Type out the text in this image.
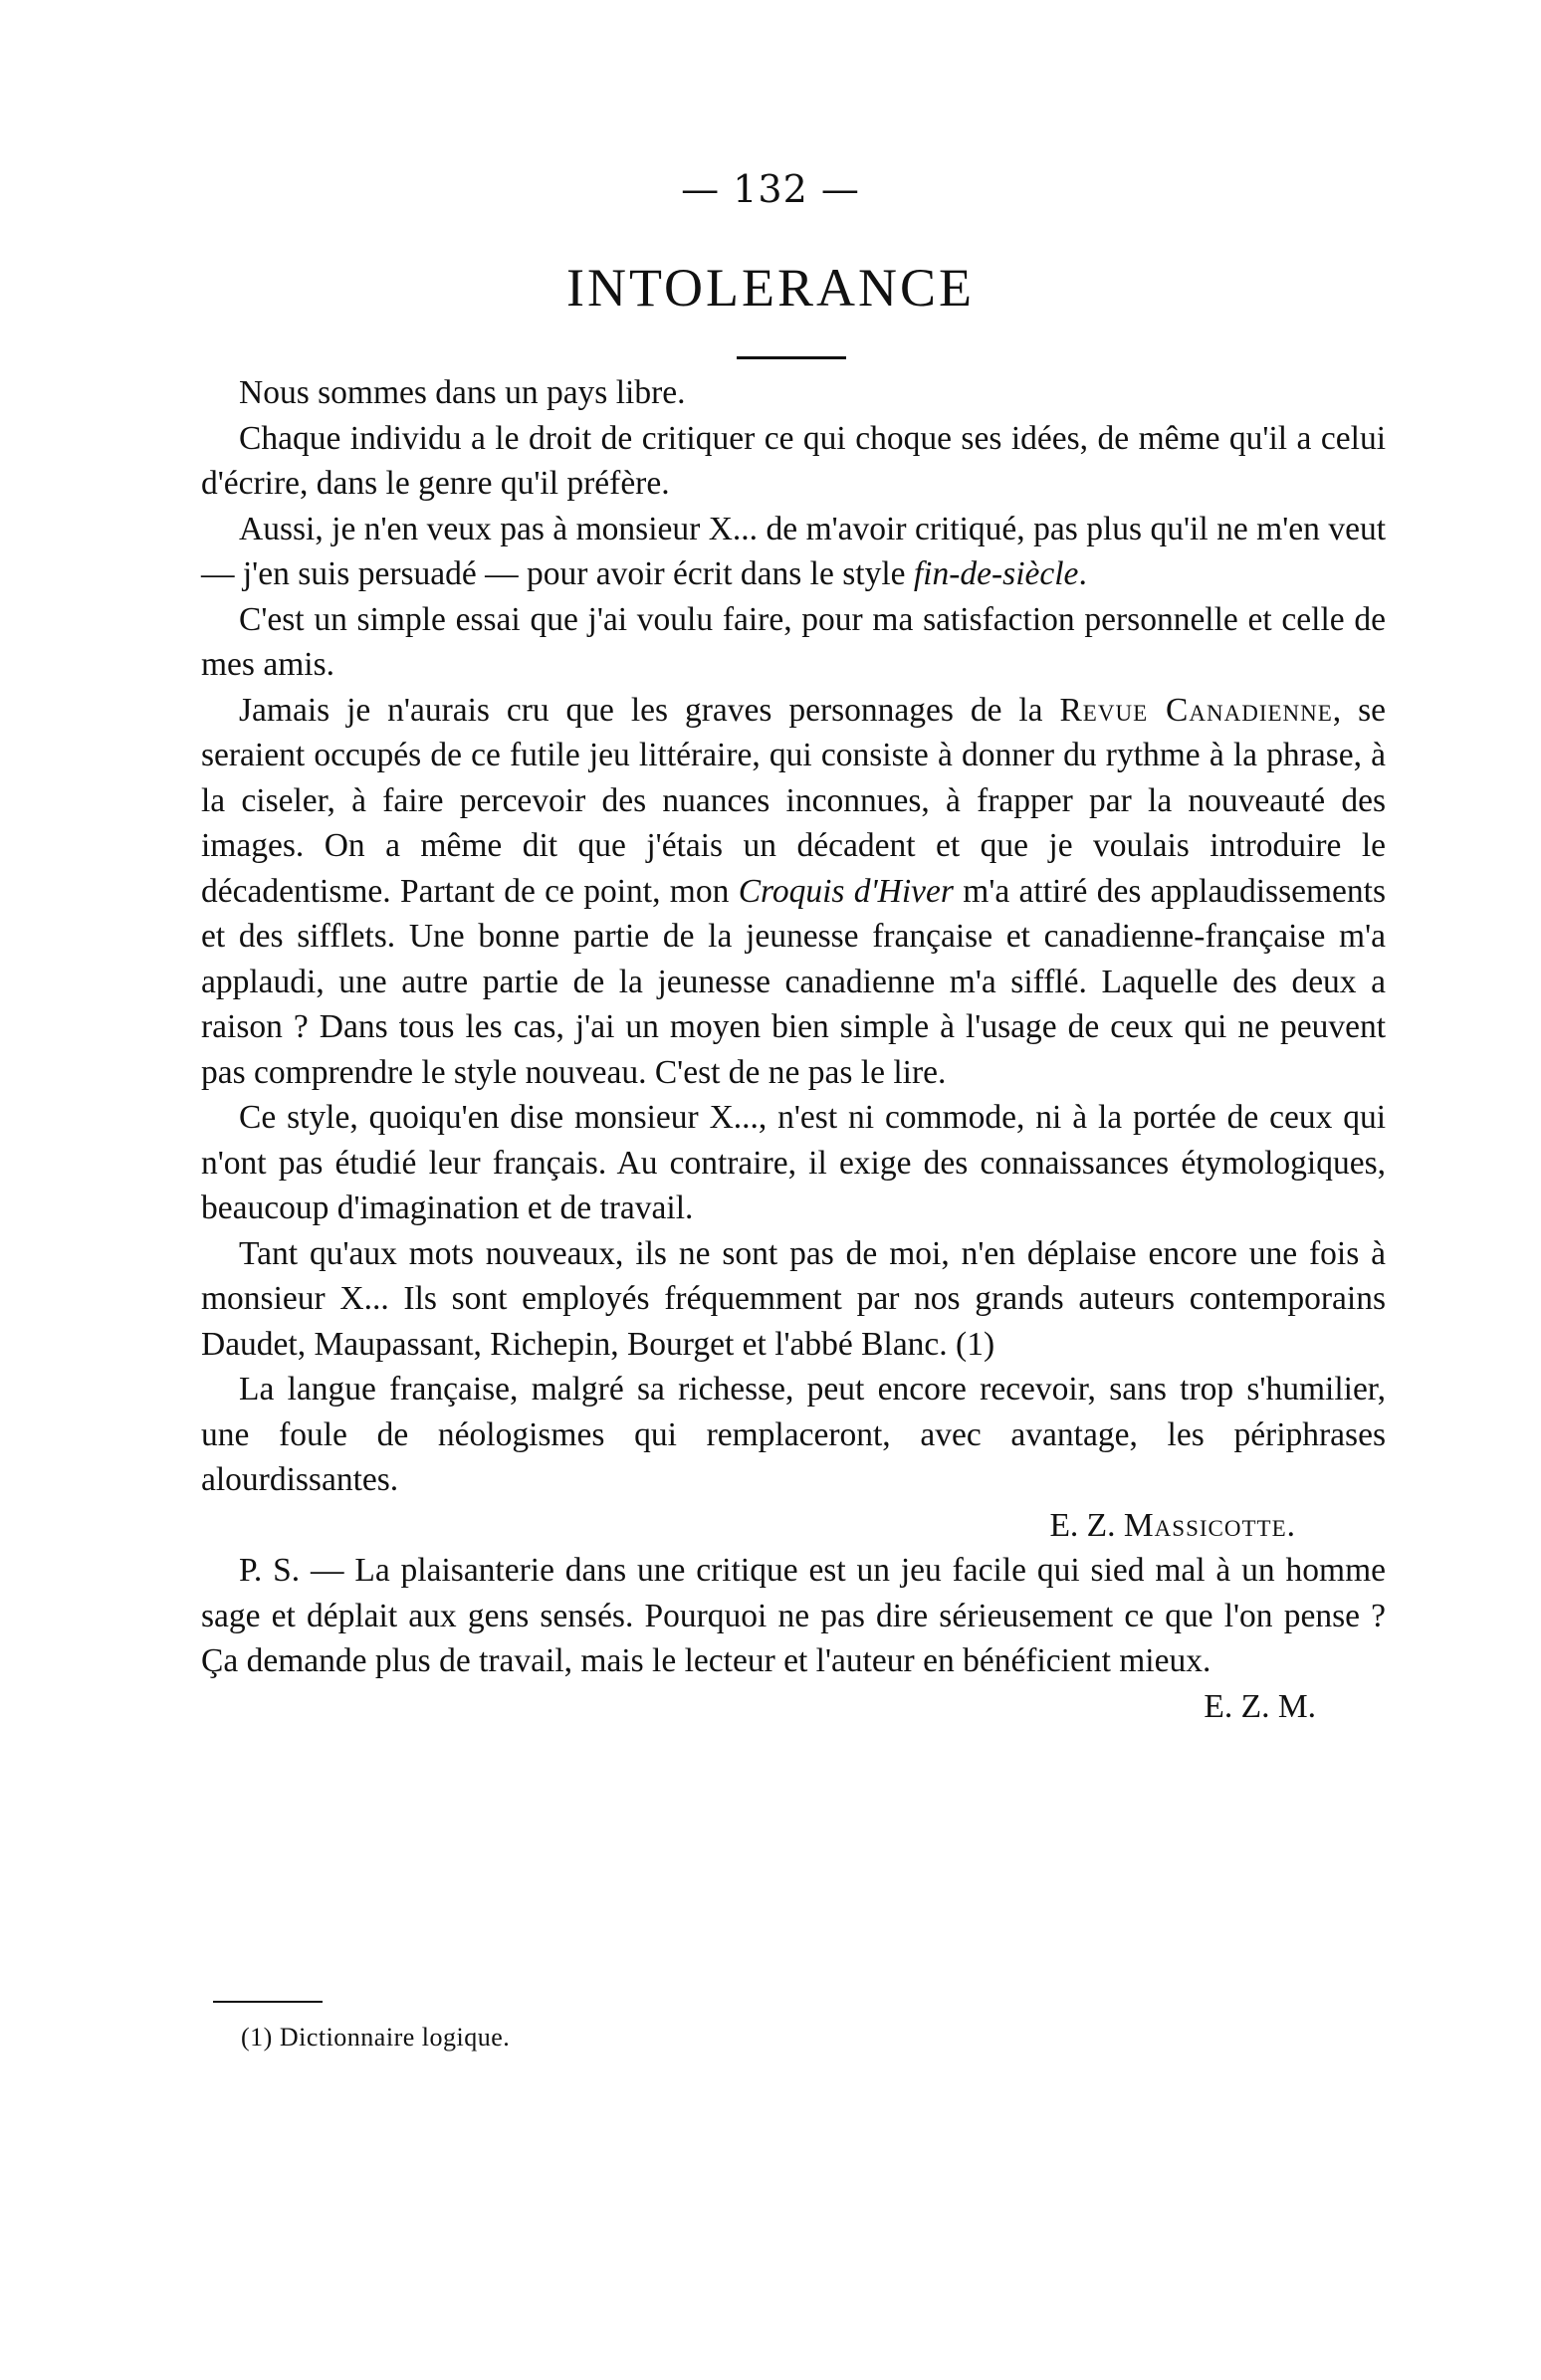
— 132 —
INTOLERANCE

Nous sommes dans un pays libre.

Chaque individu a le droit de critiquer ce qui choque ses idées, de même qu'il a celui d'écrire, dans le genre qu'il préfère.

Aussi, je n'en veux pas à monsieur X... de m'avoir critiqué, pas plus qu'il ne m'en veut — j'en suis persuadé — pour avoir écrit dans le style fin-de-siècle.

C'est un simple essai que j'ai voulu faire, pour ma satisfaction personnelle et celle de mes amis.

Jamais je n'aurais cru que les graves personnages de la Revue Canadienne, se seraient occupés de ce futile jeu littéraire, qui consiste à donner du rythme à la phrase, à la ciseler, à faire percevoir des nuances inconnues, à frapper par la nouveauté des images. On a même dit que j'étais un décadent et que je voulais introduire le décadentisme. Partant de ce point, mon Croquis d'Hiver m'a attiré des applaudissements et des sifflets. Une bonne partie de la jeunesse française et canadienne-française m'a applaudi, une autre partie de la jeunesse canadienne m'a sifflé. Laquelle des deux a raison ? Dans tous les cas, j'ai un moyen bien simple à l'usage de ceux qui ne peuvent pas comprendre le style nouveau. C'est de ne pas le lire.

Ce style, quoiqu'en dise monsieur X..., n'est ni commode, ni à la portée de ceux qui n'ont pas étudié leur français. Au contraire, il exige des connaissances étymologiques, beaucoup d'imagination et de travail.

Tant qu'aux mots nouveaux, ils ne sont pas de moi, n'en déplaise encore une fois à monsieur X... Ils sont employés fréquemment par nos grands auteurs contemporains Daudet, Maupassant, Richepin, Bourget et l'abbé Blanc. (1)

La langue française, malgré sa richesse, peut encore recevoir, sans trop s'humilier, une foule de néologismes qui remplaceront, avec avantage, les périphrases alourdissantes.

E. Z. Massicotte.

P. S. — La plaisanterie dans une critique est un jeu facile qui sied mal à un homme sage et déplait aux gens sensés. Pourquoi ne pas dire sérieusement ce que l'on pense ? Ça demande plus de travail, mais le lecteur et l'auteur en bénéficient mieux.

E. Z. M.

(1) Dictionnaire logique.
